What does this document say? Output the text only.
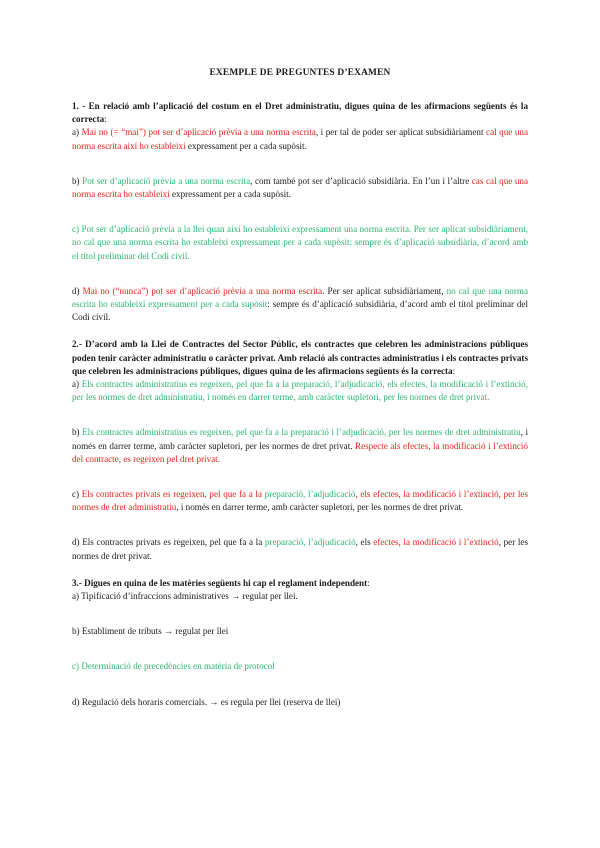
EXEMPLE DE PREGUNTES D’EXAMEN

1. - En relació amb l’aplicació del costum en el Dret administratiu, digues quina de les afirmacions següents és la correcta:

a) Mai no (= “mai”) pot ser d’aplicació prèvia a una norma escrita, i per tal de poder ser aplicat subsidiàriament cal que una norma escrita així ho estableixi expressament per a cada supòsit.

b) Pot ser d’aplicació prèvia a una norma escrita, com també pot ser d’aplicació subsidiària. En l’un i l’altre cas cal que una norma escrita ho estableixi expressament per a cada supòsit.

c) Pot ser d’aplicació prèvia a la llei quan així ho estableixi expressament una norma escrita. Per ser aplicat subsidiàriament, no cal que una norma escrita ho estableixi expressament per a cada supòsit: sempre és d’aplicació subsidiària, d’acord amb el títol preliminar del Codi civil.

d) Mai no (“nunca”) pot ser d’aplicació prèvia a una norma escrita. Per ser aplicat subsidiàriament, no cal que una norma escrita ho estableixi expressament per a cada supòsit: sempre és d’aplicació subsidiària, d’acord amb el títol preliminar del Codi civil.

2.- D’acord amb la Llei de Contractes del Sector Públic, els contractes que celebren les administracions públiques poden tenir caràcter administratiu o caràcter privat. Amb relació als contractes administratius i els contractes privats que celebren les administracions públiques, digues quina de les afirmacions següents és la correcta:

a) Els contractes administratius es regeixen, pel que fa a la preparació, l’adjudicació, els efectes, la modificació i l’extinció, per les normes de dret administratiu, i només en darrer terme, amb caràcter supletori, per les normes de dret privat.

b) Els contractes administratius es regeixen, pel que fa a la preparació i l’adjudicació, per les normes de dret administratiu, i només en darrer terme, amb caràcter supletori, per les normes de dret privat. Respecte als efectes, la modificació i l’extinció del contracte, es regeixen pel dret privat.

c) Els contractes privats es regeixen, pel que fa a la preparació, l’adjudicació, els efectes, la modificació i l’extinció, per les normes de dret administratiu, i només en darrer terme, amb caràcter supletori, per les normes de dret privat.

d) Els contractes privats es regeixen, pel que fa a la preparació, l’adjudicació, els efectes, la modificació i l’extinció, per les normes de dret privat.

3.- Digues en quina de les matèries següents hi cap el reglament independent:

a) Tipificació d’infraccions administratives → regulat per llei.

b) Establiment de tributs → regulat per llei

c) Determinació de precedències en matèria de protocol

d) Regulació dels horaris comercials. → es regula per llei (reserva de llei)
